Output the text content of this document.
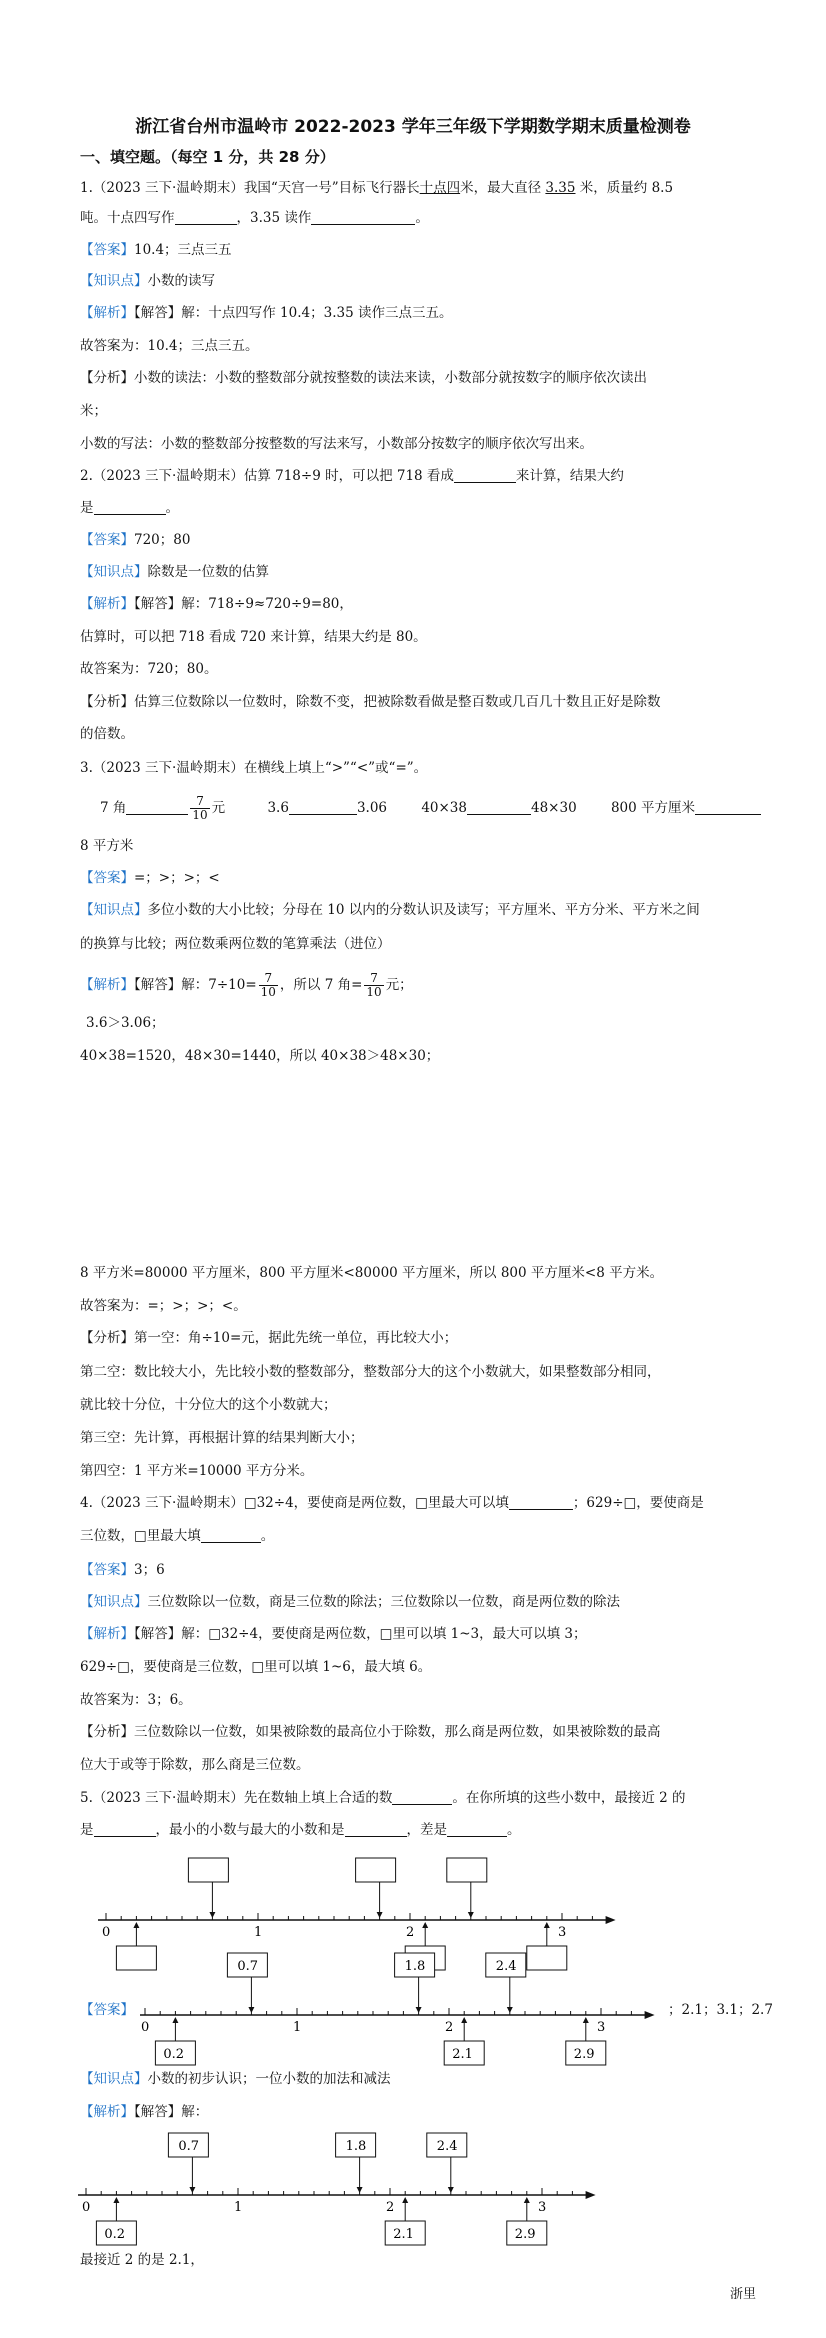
浙江省台州市温岭市 2022-2023 学年三年级下学期数学期末质量检测卷
一、填空题。（每空 1 分，共 28 分）
1.（2023 三下·温岭期末）我国“天宫一号”目标飞行器长十点四米，最大直径 3.35 米，质量约 8.5
吨。十点四写作	，3.35 读作	。
【答案】10.4；三点三五
【知识点】小数的读写
【解析】【解答】解：十点四写作 10.4；3.35 读作三点三五。
故答案为：10.4；三点三五。
【分析】小数的读法：小数的整数部分就按整数的读法来读，小数部分就按数字的顺序依次读出
米；
小数的写法：小数的整数部分按整数的写法来写，小数部分按数字的顺序依次写出来。
2.（2023 三下·温岭期末）估算 718÷9 时，可以把 718 看成	来计算，结果大约
是	。
【答案】720；80
【知识点】除数是一位数的估算
【解析】【解答】解：718÷9≈720÷9=80，
估算时，可以把 718 看成 720 来计算，结果大约是 80。
故答案为：720；80。
【分析】估算三位数除以一位数时，除数不变，把被除数看做是整百数或几百几十数且正好是除数
的倍数。
3.（2023 三下·温岭期末）在横线上填上“>”“<”或“=”。
7 角	$\frac{7}{10}$ 元	3.6	3.06	40×38	48×30	800 平方厘米
8 平方米
【答案】=；>；>；<
【知识点】多位小数的大小比较；分母在 10 以内的分数认识及读写；平方厘米、平方分米、平方米之间
的换算与比较；两位数乘两位数的笔算乘法（进位）
【解析】【解答】解：$7\div 10= \frac{7}{10}$ ，所以 7 角= $\frac{7}{10}$ 元；
3.6＞3.06；
40×38=1520，48×30=1440，所以 40×38＞48×30；
8 平方米=80000 平方厘米，800 平方厘米<80000 平方厘米，所以 800 平方厘米<8 平方米。
故答案为：=；>；>；<。
【分析】第一空：角÷10=元，据此先统一单位，再比较大小；
第二空：数比较大小，先比较小数的整数部分，整数部分大的这个小数就大，如果整数部分相同，
就比较十分位，十分位大的这个小数就大；
第三空：先计算，再根据计算的结果判断大小；
第四空：1 平方米=10000 平方分米。
4.（2023 三下·温岭期末）□32÷4，要使商是两位数，□里最大可以填	；629÷□，要使商是
三位数，□里最大填	。
【答案】3；6
【知识点】三位数除以一位数，商是三位数的除法；三位数除以一位数，商是两位数的除法
【解析】【解答】解：□32÷4，要使商是两位数，□里可以填 1~3，最大可以填 3；
629÷□，要使商是三位数，□里可以填 1~6，最大填 6。
故答案为：3；6。
【分析】三位数除以一位数，如果被除数的最高位小于除数，那么商是两位数，如果被除数的最高
位大于或等于除数，那么商是三位数。
5.（2023 三下·温岭期末）先在数轴上填上合适的数	。在你所填的这些小数中，最接近 2 的
是	，最小的小数与最大的小数和是	，差是	。
0	1	2	3
【答案】
0	1	2	3
0.7	1.8	2.4
0.2	2.1	2.9
；2.1；3.1；2.7
【知识点】小数的初步认识；一位小数的加法和减法
【解析】【解答】解：
0	1	2	3
0.7	1.8	2.4
0.2	2.1	2.9
最接近 2 的是 2.1，
浙里
